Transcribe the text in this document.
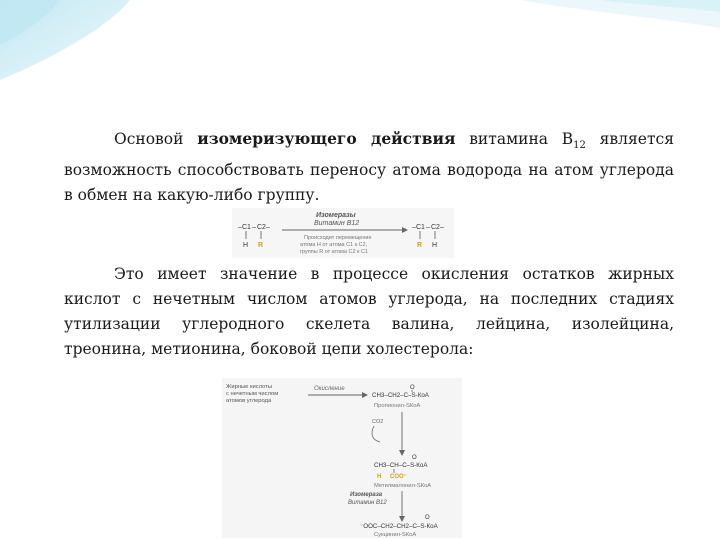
Основой изомеризующего действия витамина $В_{12}$ является возможность способствовать переносу атома водорода на атом углерода в обмен на какую-либо группу.

– C1 – C2 –
H R
Изомеразы
Витамин В12
Происходит перемещение
атома Н от атома С1 к С2,
группы R от атома С2 к С1
– C1 – C2 –
R H

Это имеет значение в процессе окисления остатков жирных кислот с нечетным числом атомов углерода, на последних стадиях утилизации углеродного скелета валина, лейцина, изолейцина, треонина, метионина, боковой цепи холестерола:

Жирные кислоты
с нечетным числом
атомов углерода
Окисление
CH3–CH2–C–S-КоА
O
Пропионил-SКоА
CO2
O
CH3–CH–C–S-КоА
H COO⁻
Метилмалонил-SКоА
Изомераза
Витамин В12
O
⁻OOC–CH2–CH2–C–S-КоА
Сукцинил-SКоА
